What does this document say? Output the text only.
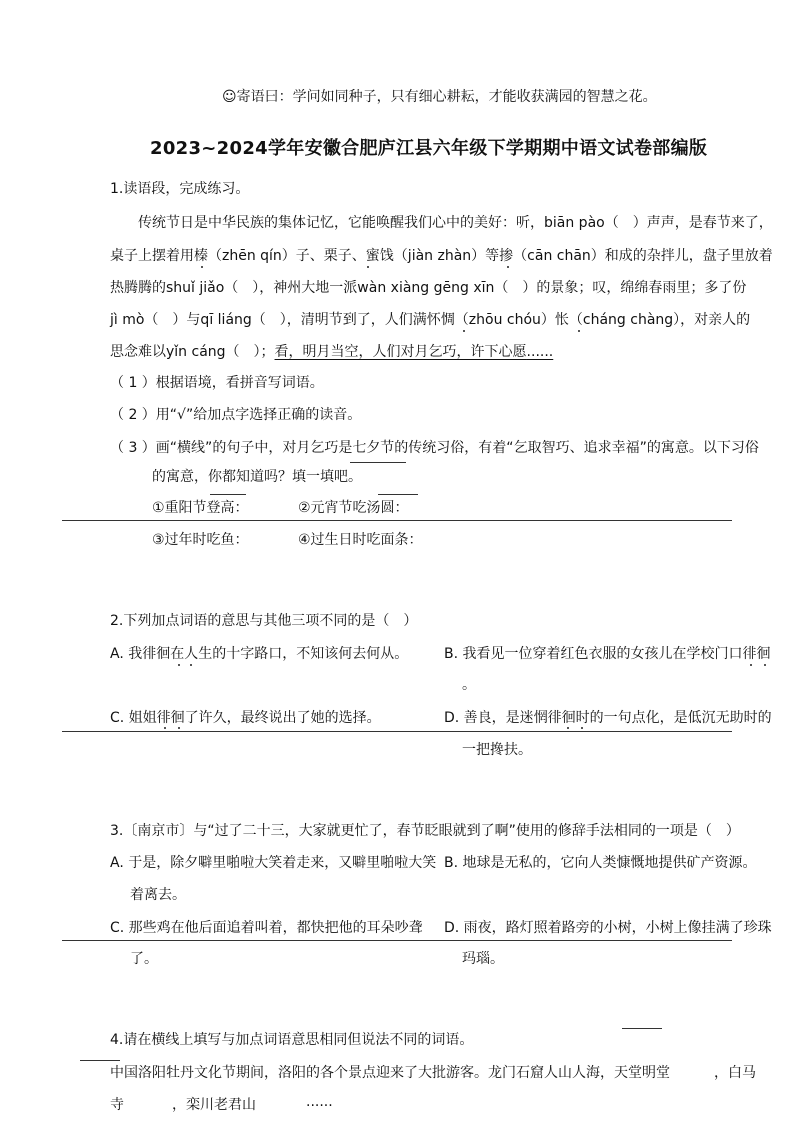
☺寄语曰：学问如同种子，只有细心耕耘，才能收获满园的智慧之花。
2023~2024学年安徽合肥庐江县六年级下学期期中语文试卷部编版
1.读语段，完成练习。
传统节日是中华民族的集体记忆，它能唤醒我们心中的美好：听，biān pào（　）声声，是春节来了，
桌子上摆着用榛（zhēn qín）子、栗子、蜜饯（jiàn zhàn）等掺（cān chān）和成的杂拌儿，盘子里放着
热腾腾的shuǐ jiǎo（　），神州大地一派wàn xiàng gēng xīn（　）的景象；叹，绵绵春雨里；多了份
jì mò（　）与qī liáng（　），清明节到了，人们满怀惆（zhōu chóu）怅（cháng chàng），对亲人的
思念难以yǐn cáng（　）；看，明月当空，人们对月乞巧，许下心愿......
（ 1 ）根据语境，看拼音写词语。
（ 2 ）用“√”给加点字选择正确的读音。
（ 3 ）画“横线”的句子中，对月乞巧是七夕节的传统习俗，有着“乞取智巧、追求幸福”的寓意。以下习俗
的寓意，你都知道吗？填一填吧。
①重阳节登高：	②元宵节吃汤圆：
③过年时吃鱼：	④过生日时吃面条：
2.下列加点词语的意思与其他三项不同的是（　）
A. 我徘徊在人生的十字路口，不知该何去何从。	B. 我看见一位穿着红色衣服的女孩儿在学校门口徘徊
。
C. 姐姐徘徊了许久，最终说出了她的选择。	D. 善良，是迷惘徘徊时的一句点化，是低沉无助时的
一把搀扶。
3.〔南京市〕与“过了二十三，大家就更忙了，春节眨眼就到了啊”使用的修辞手法相同的一项是（　）
A. 于是，除夕噼里啪啦大笑着走来，又噼里啪啦大笑 B. 地球是无私的，它向人类慷慨地提供矿产资源。
着离去。
C. 那些鸡在他后面追着叫着，都快把他的耳朵吵聋 D. 雨夜，路灯照着路旁的小树，小树上像挂满了珍珠
了。	玛瑙。
4.请在横线上填写与加点词语意思相同但说法不同的词语。
中国洛阳牡丹文化节期间，洛阳的各个景点迎来了大批游客。龙门石窟人山人海，天堂明堂	，白马
寺	，栾川老君山	......
